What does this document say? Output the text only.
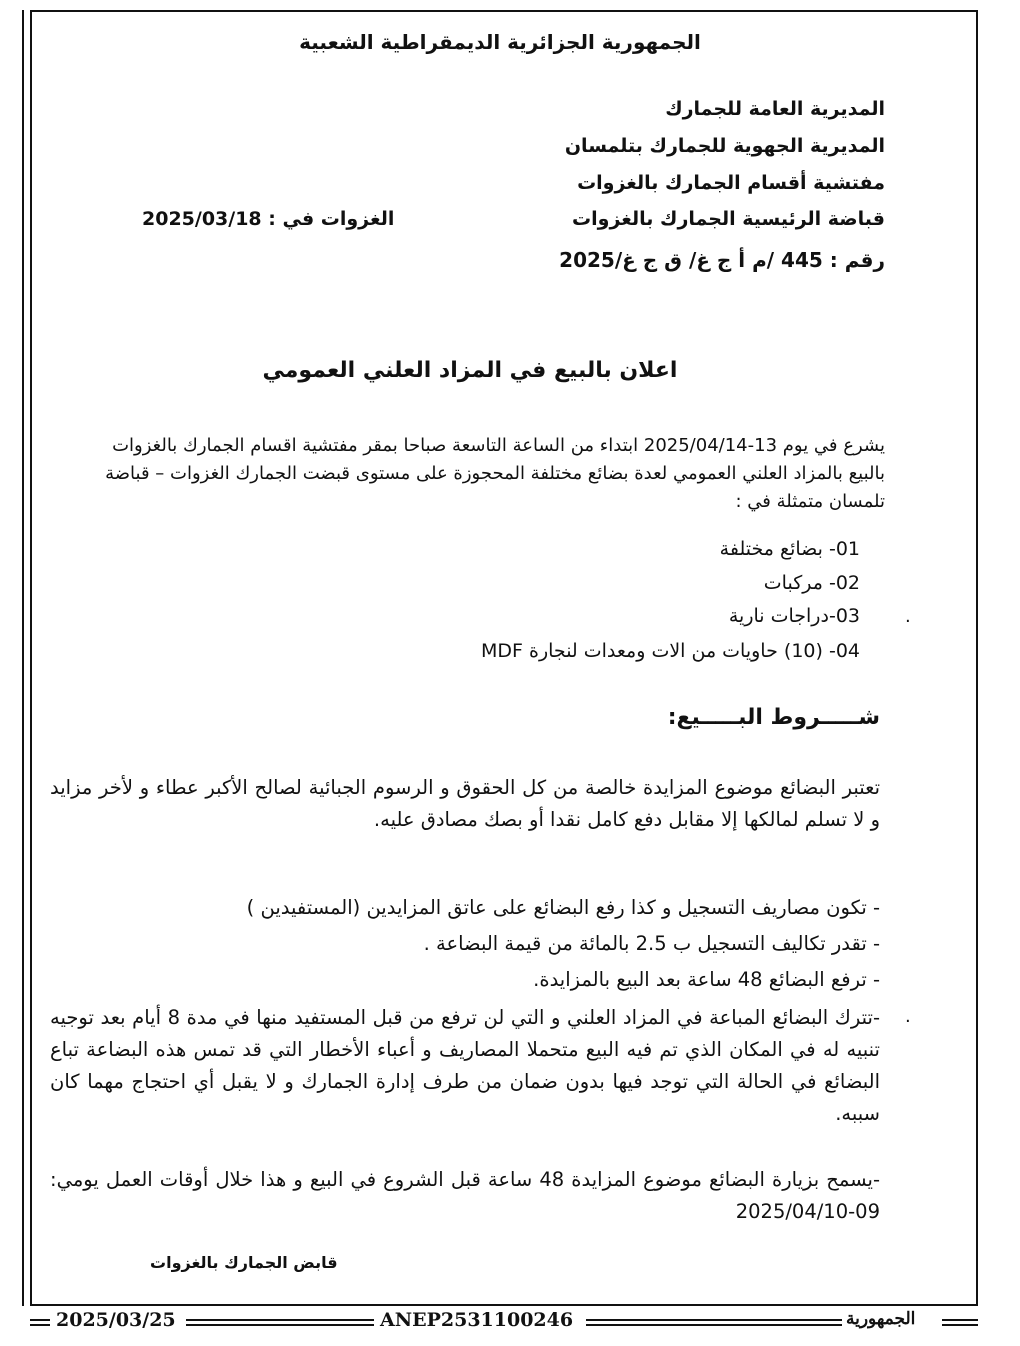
الجمهورية الجزائرية الديمقراطية الشعبية
المديرية العامة للجمارك
المديرية الجهوية للجمارك بتلمسان
مفتشية أقسام الجمارك بالغزوات
قباضة الرئيسية الجمارك بالغزوات
الغزوات في : 2025/03/18
رقم : 445 /م أ ج غ/ ق ج غ/2025
اعلان بالبيع في المزاد العلني العمومي
يشرع في يوم 13-2025/04/14 ابتداء من الساعة التاسعة صباحا بمقر مفتشية اقسام الجمارك بالغزوات بالبيع بالمزاد العلني العمومي لعدة بضائع مختلفة المحجوزة على مستوى قبضت الجمارك الغزوات – قباضة تلمسان متمثلة في :
01- بضائع مختلفة
02- مركبات
03-دراجات نارية
04- (10) حاويات من الات ومعدات لنجارة MDF
.
شـــــروط البـــــيع:
تعتبر البضائع موضوع المزايدة خالصة من كل الحقوق و الرسوم الجبائية لصالح الأكبر عطاء و لأخر مزايد و لا تسلم لمالكها إلا مقابل دفع كامل نقدا أو بصك مصادق عليه.
- تكون مصاريف التسجيل و كذا رفع البضائع على عاتق المزايدين (المستفيدين )
- تقدر تكاليف التسجيل ب 2.5 بالمائة من قيمة البضاعة .
- ترفع البضائع 48 ساعة بعد البيع بالمزايدة.
-تترك البضائع المباعة في المزاد العلني و التي لن ترفع من قبل المستفيد منها في مدة 8 أيام بعد توجيه تنبيه له في المكان الذي تم فيه البيع متحملا المصاريف و أعباء الأخطار التي قد تمس هذه البضاعة تباع البضائع في الحالة التي توجد فيها بدون ضمان من طرف إدارة الجمارك و لا يقبل أي احتجاج مهما كان سببه.
-يسمح بزيارة البضائع موضوع المزايدة 48 ساعة قبل الشروع في البيع و هذا خلال أوقات العمل يومي: 09-2025/04/10
.
قابض الجمارك بالغزوات
2025/03/25	ANEP2531100246	الجمهورية
